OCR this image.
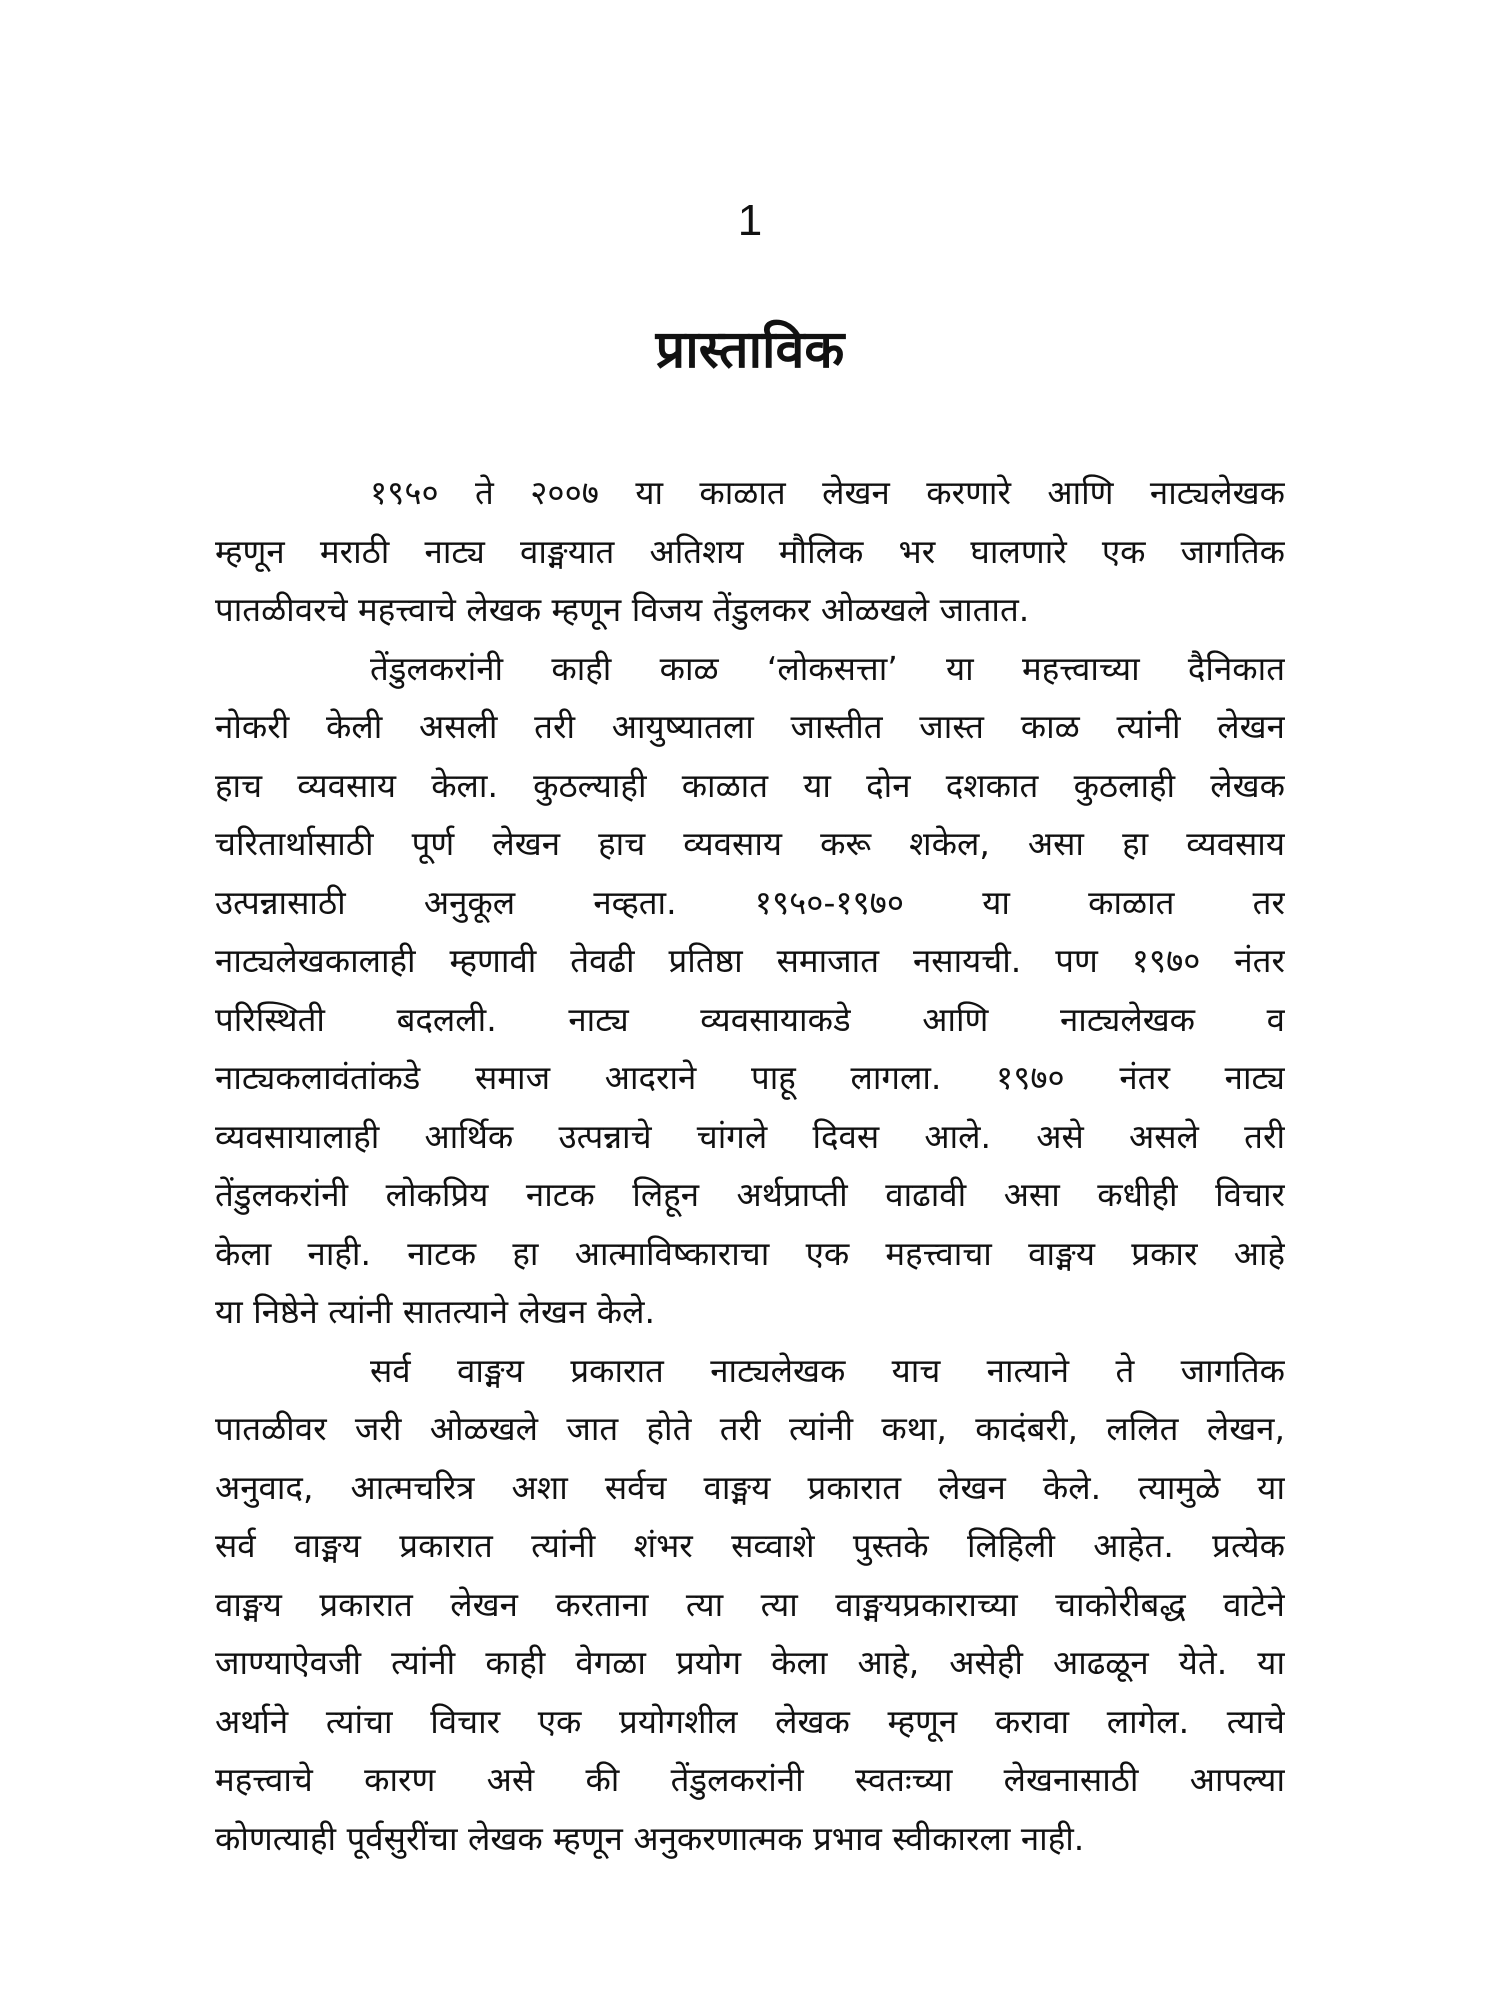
1
प्रास्ताविक
१९५० ते २००७ या काळात लेखन करणारे आणि नाट्यलेखक
म्हणून मराठी नाट्य वाङ्मयात अतिशय मौलिक भर घालणारे एक जागतिक
पातळीवरचे महत्त्वाचे लेखक म्हणून विजय तेंडुलकर ओळखले जातात.
तेंडुलकरांनी काही काळ ‘लोकसत्ता’ या महत्त्वाच्या दैनिकात
नोकरी केली असली तरी आयुष्यातला जास्तीत जास्त काळ त्यांनी लेखन
हाच व्यवसाय केला. कुठल्याही काळात या दोन दशकात कुठलाही लेखक
चरितार्थासाठी पूर्ण लेखन हाच व्यवसाय करू शकेल, असा हा व्यवसाय
उत्पन्नासाठी अनुकूल नव्हता. १९५०-१९७० या काळात तर
नाट्यलेखकालाही म्हणावी तेवढी प्रतिष्ठा समाजात नसायची. पण १९७० नंतर
परिस्थिती बदलली. नाट्य व्यवसायाकडे आणि नाट्यलेखक व
नाट्यकलावंतांकडे समाज आदराने पाहू लागला. १९७० नंतर नाट्य
व्यवसायालाही आर्थिक उत्पन्नाचे चांगले दिवस आले. असे असले तरी
तेंडुलकरांनी लोकप्रिय नाटक लिहून अर्थप्राप्ती वाढावी असा कधीही विचार
केला नाही. नाटक हा आत्माविष्काराचा एक महत्त्वाचा वाङ्मय प्रकार आहे
या निष्ठेने त्यांनी सातत्याने लेखन केले.
सर्व वाङ्मय प्रकारात नाट्यलेखक याच नात्याने ते जागतिक
पातळीवर जरी ओळखले जात होते तरी त्यांनी कथा, कादंबरी, ललित लेखन,
अनुवाद, आत्मचरित्र अशा सर्वच वाङ्मय प्रकारात लेखन केले. त्यामुळे या
सर्व वाङ्मय प्रकारात त्यांनी शंभर सव्वाशे पुस्तके लिहिली आहेत. प्रत्येक
वाङ्मय प्रकारात लेखन करताना त्या त्या वाङ्मयप्रकाराच्या चाकोरीबद्ध वाटेने
जाण्याऐवजी त्यांनी काही वेगळा प्रयोग केला आहे, असेही आढळून येते. या
अर्थाने त्यांचा विचार एक प्रयोगशील लेखक म्हणून करावा लागेल. त्याचे
महत्त्वाचे कारण असे की तेंडुलकरांनी स्वतःच्या लेखनासाठी आपल्या
कोणत्याही पूर्वसुरींचा लेखक म्हणून अनुकरणात्मक प्रभाव स्वीकारला नाही.
